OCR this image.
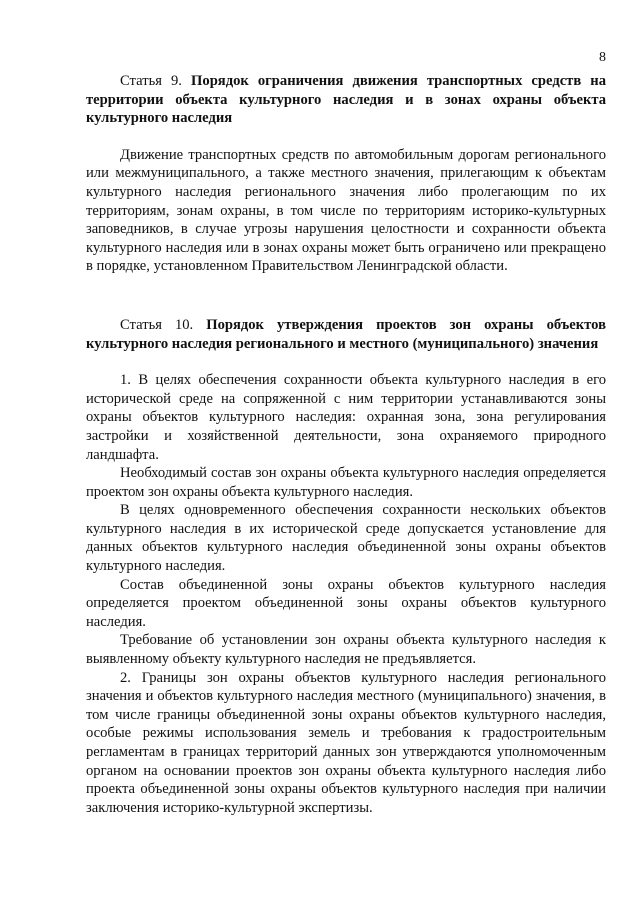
8

Статья 9. Порядок ограничения движения транспортных средств на территории объекта культурного наследия и в зонах охраны объекта культурного наследия

Движение транспортных средств по автомобильным дорогам регионального или межмуниципального, а также местного значения, прилегающим к объектам культурного наследия регионального значения либо пролегающим по их территориям, зонам охраны, в том числе по территориям историко-культурных заповедников, в случае угрозы нарушения целостности и сохранности объекта культурного наследия или в зонах охраны может быть ограничено или прекращено в порядке, установленном Правительством Ленинградской области.

Статья 10. Порядок утверждения проектов зон охраны объектов культурного наследия регионального и местного (муниципального) значения

1. В целях обеспечения сохранности объекта культурного наследия в его исторической среде на сопряженной с ним территории устанавливаются зоны охраны объектов культурного наследия: охранная зона, зона регулирования застройки и хозяйственной деятельности, зона охраняемого природного ландшафта.

Необходимый состав зон охраны объекта культурного наследия определяется проектом зон охраны объекта культурного наследия.

В целях одновременного обеспечения сохранности нескольких объектов культурного наследия в их исторической среде допускается установление для данных объектов культурного наследия объединенной зоны охраны объектов культурного наследия.

Состав объединенной зоны охраны объектов культурного наследия определяется проектом объединенной зоны охраны объектов культурного наследия.

Требование об установлении зон охраны объекта культурного наследия к выявленному объекту культурного наследия не предъявляется.

2. Границы зон охраны объектов культурного наследия регионального значения и объектов культурного наследия местного (муниципального) значения, в том числе границы объединенной зоны охраны объектов культурного наследия, особые режимы использования земель и требования к градостроительным регламентам в границах территорий данных зон утверждаются уполномоченным органом на основании проектов зон охраны объекта культурного наследия либо проекта объединенной зоны охраны объектов культурного наследия при наличии заключения историко-культурной экспертизы.
